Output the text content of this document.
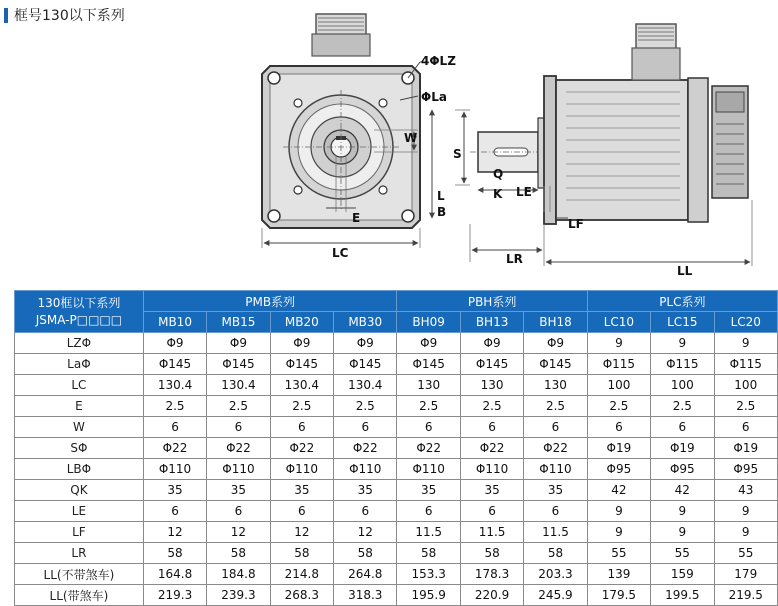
框号130以下系列
W
E
LC
4ΦLZ
ΦLa
S
Q
K LE
L
B
LF
LR
LL
130框以下系列
JSMA-P□□□□	PMB系列				PBH系列			PLC系列		
	MB10	MB15	MB20	MB30	BH09	BH13	BH18	LC10	LC15	LC20
LZΦ	Φ9	Φ9	Φ9	Φ9	Φ9	Φ9	Φ9	9	9	9
LaΦ	Φ145	Φ145	Φ145	Φ145	Φ145	Φ145	Φ145	Φ115	Φ115	Φ115
LC	130.4	130.4	130.4	130.4	130	130	130	100	100	100
E	2.5	2.5	2.5	2.5	2.5	2.5	2.5	2.5	2.5	2.5
W	6	6	6	6	6	6	6	6	6	6
SΦ	Φ22	Φ22	Φ22	Φ22	Φ22	Φ22	Φ22	Φ19	Φ19	Φ19
LBΦ	Φ110	Φ110	Φ110	Φ110	Φ110	Φ110	Φ110	Φ95	Φ95	Φ95
QK	35	35	35	35	35	35	35	42	42	43
LE	6	6	6	6	6	6	6	9	9	9
LF	12	12	12	12	11.5	11.5	11.5	9	9	9
LR	58	58	58	58	58	58	58	55	55	55
LL(不带煞车)	164.8	184.8	214.8	264.8	153.3	178.3	203.3	139	159	179
LL(带煞车)	219.3	239.3	268.3	318.3	195.9	220.9	245.9	179.5	199.5	219.5
